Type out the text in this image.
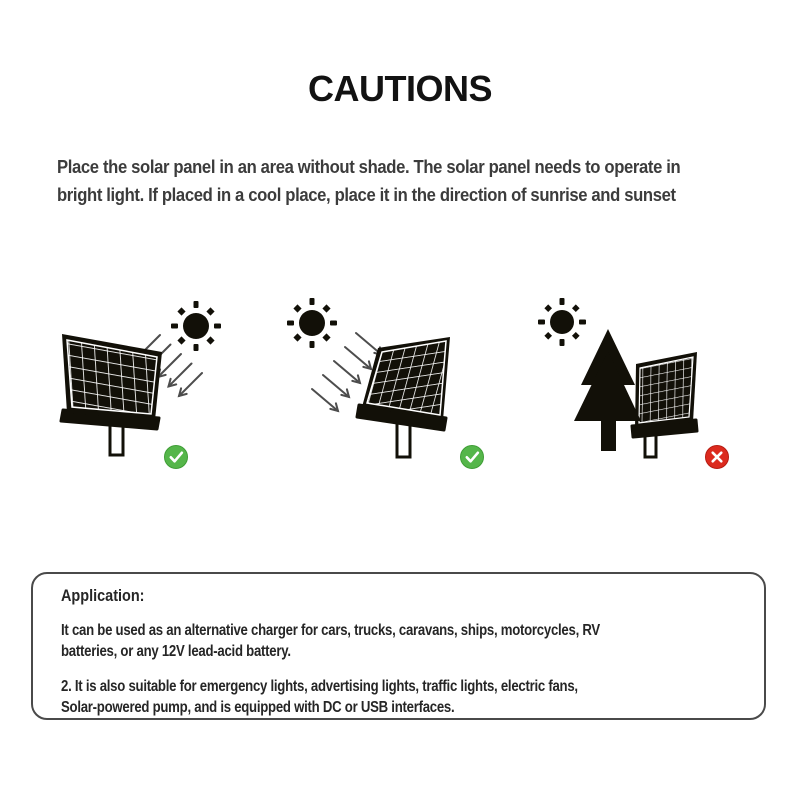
CAUTIONS
Place the solar panel in an area without shade. The solar panel needs to operate in
bright light. If placed in a cool place, place it in the direction of sunrise and sunset
Application:
It can be used as an alternative charger for cars, trucks, caravans, ships, motorcycles, RV
batteries, or any 12V lead-acid battery.
2. It is also suitable for emergency lights, advertising lights, traffic lights, electric fans,
Solar-powered pump, and is equipped with DC or USB interfaces.
